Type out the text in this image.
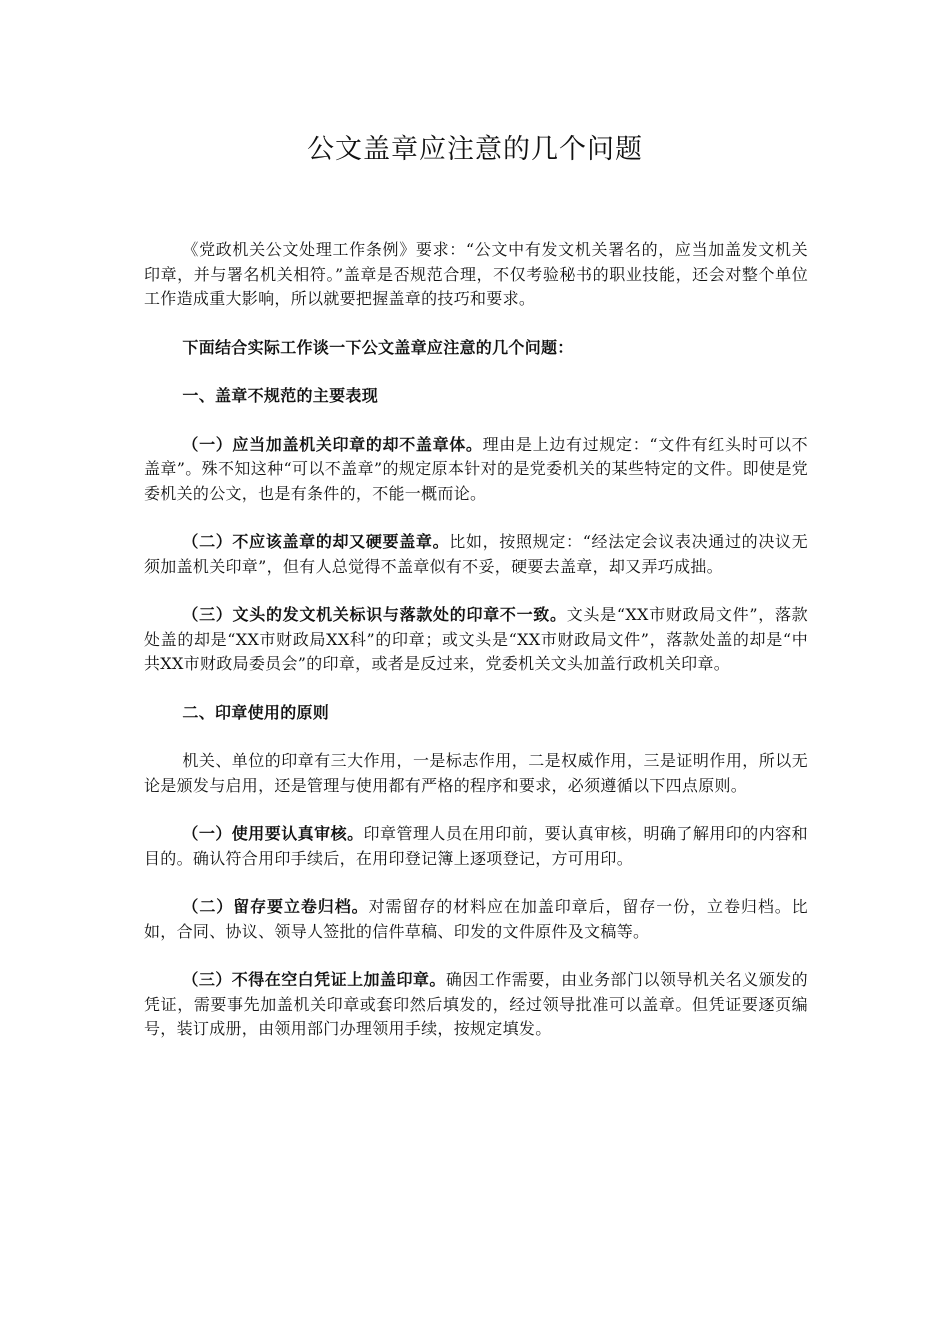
公文盖章应注意的几个问题

《党政机关公文处理工作条例》要求：“公文中有发文机关署名的，应当加盖发文机关印章，并与署名机关相符。”盖章是否规范合理，不仅考验秘书的职业技能，还会对整个单位工作造成重大影响，所以就要把握盖章的技巧和要求。

下面结合实际工作谈一下公文盖章应注意的几个问题：

一、盖章不规范的主要表现

（一）应当加盖机关印章的却不盖章体。理由是上边有过规定：“文件有红头时可以不盖章”。殊不知这种“可以不盖章”的规定原本针对的是党委机关的某些特定的文件。即使是党委机关的公文，也是有条件的，不能一概而论。

（二）不应该盖章的却又硬要盖章。比如，按照规定：“经法定会议表决通过的决议无须加盖机关印章”，但有人总觉得不盖章似有不妥，硬要去盖章，却又弄巧成拙。

（三）文头的发文机关标识与落款处的印章不一致。文头是“XX市财政局文件”，落款处盖的却是“XX市财政局XX科”的印章；或文头是“XX市财政局文件”，落款处盖的却是“中共XX市财政局委员会”的印章，或者是反过来，党委机关文头加盖行政机关印章。

二、印章使用的原则

机关、单位的印章有三大作用，一是标志作用，二是权威作用，三是证明作用，所以无论是颁发与启用，还是管理与使用都有严格的程序和要求，必须遵循以下四点原则。

（一）使用要认真审核。印章管理人员在用印前，要认真审核，明确了解用印的内容和目的。确认符合用印手续后，在用印登记簿上逐项登记，方可用印。

（二）留存要立卷归档。对需留存的材料应在加盖印章后，留存一份，立卷归档。比如，合同、协议、领导人签批的信件草稿、印发的文件原件及文稿等。

（三）不得在空白凭证上加盖印章。确因工作需要，由业务部门以领导机关名义颁发的凭证，需要事先加盖机关印章或套印然后填发的，经过领导批准可以盖章。但凭证要逐页编号，装订成册，由领用部门办理领用手续，按规定填发。
